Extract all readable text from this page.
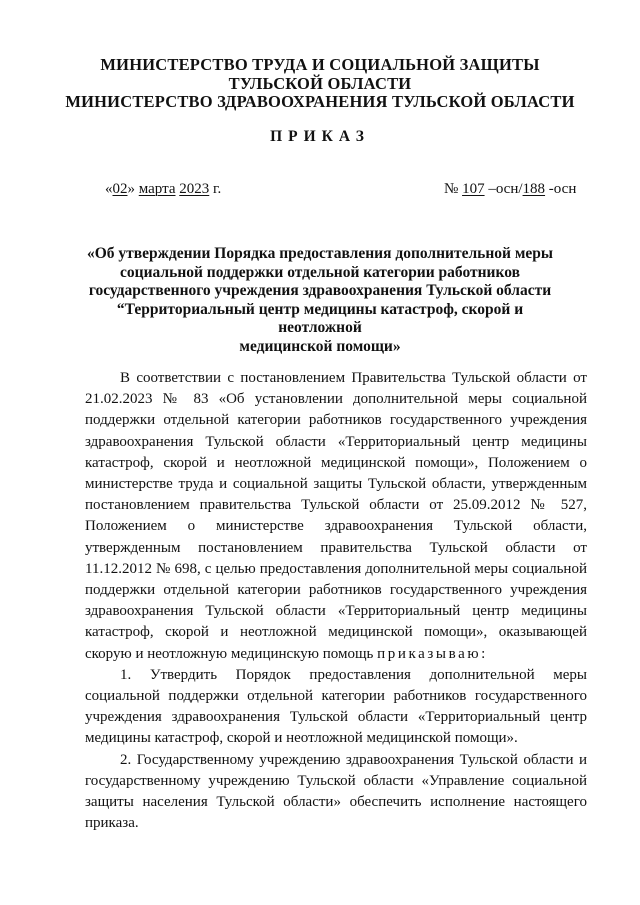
МИНИСТЕРСТВО ТРУДА И СОЦИАЛЬНОЙ ЗАЩИТЫ
ТУЛЬСКОЙ ОБЛАСТИ
МИНИСТЕРСТВО ЗДРАВООХРАНЕНИЯ ТУЛЬСКОЙ ОБЛАСТИ
ПРИКАЗ
«02» марта 2023 г.	№ 107 –осн/188 -осн
«Об утверждении Порядка предоставления дополнительной меры
социальной поддержки отдельной категории работников
государственного учреждения здравоохранения Тульской области
“Территориальный центр медицины катастроф, скорой и неотложной
медицинской помощи»

В соответствии с постановлением Правительства Тульской области от 21.02.2023 № 83 «Об установлении дополнительной меры социальной поддержки отдельной категории работников государственного учреждения здравоохранения Тульской области «Территориальный центр медицины катастроф, скорой и неотложной медицинской помощи», Положением о министерстве труда и социальной защиты Тульской области, утвержденным постановлением правительства Тульской области от 25.09.2012 № 527, Положением о министерстве здравоохранения Тульской области, утвержденным постановлением правительства Тульской области от 11.12.2012 № 698, с целью предоставления дополнительной меры социальной поддержки отдельной категории работников государственного учреждения здравоохранения Тульской области «Территориальный центр медицины катастроф, скорой и неотложной медицинской помощи», оказывающей скорую и неотложную медицинскую помощь приказываю:

1. Утвердить Порядок предоставления дополнительной меры социальной поддержки отдельной категории работников государственного учреждения здравоохранения Тульской области «Территориальный центр медицины катастроф, скорой и неотложной медицинской помощи».

2. Государственному учреждению здравоохранения Тульской области и государственному учреждению Тульской области «Управление социальной защиты населения Тульской области» обеспечить исполнение настоящего приказа.
